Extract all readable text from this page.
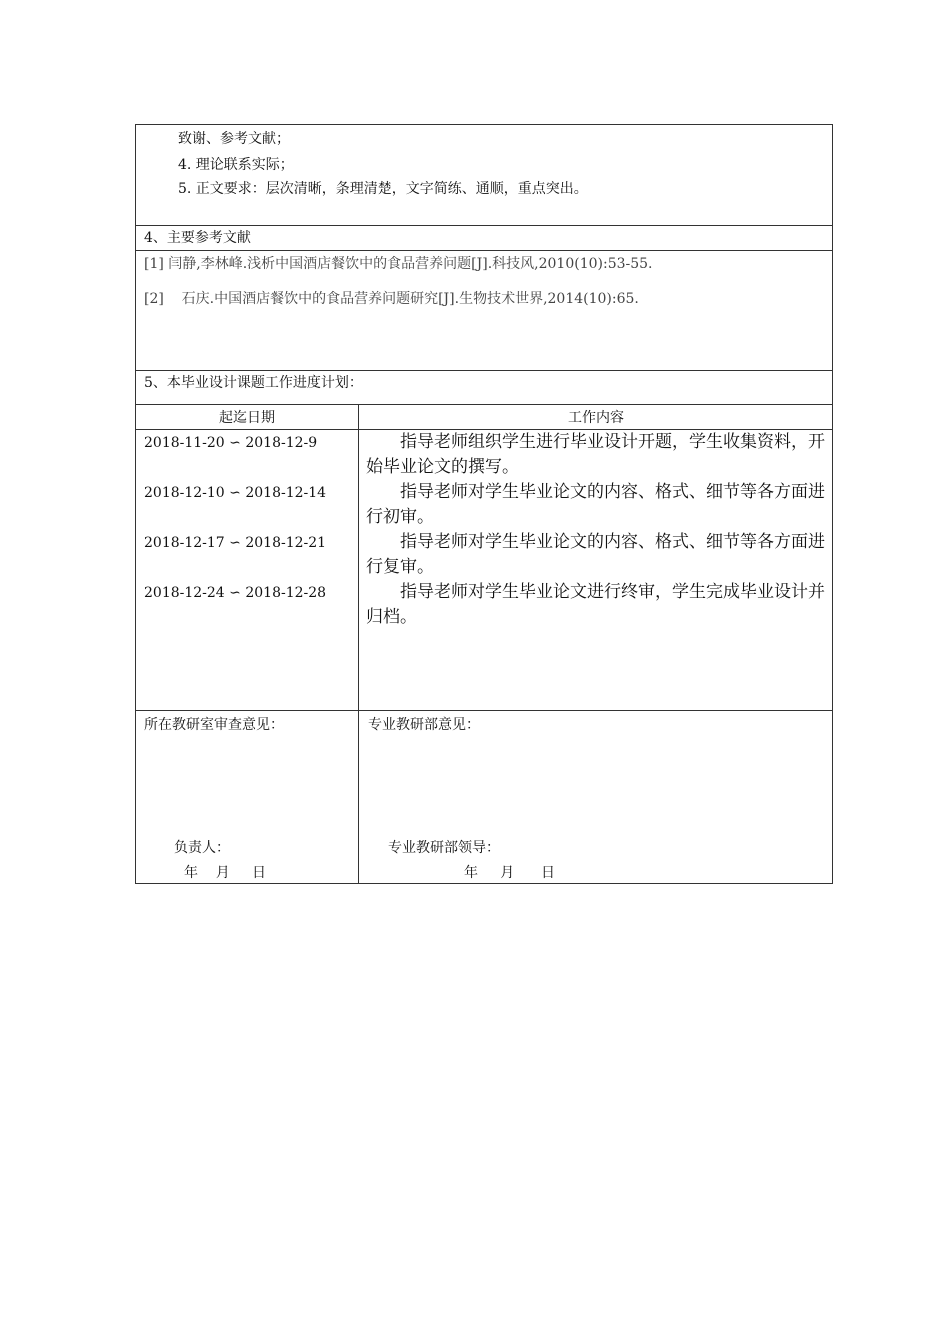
致谢、参考文献；
4. 理论联系实际；
5. 正文要求：层次清晰，条理清楚，文字简练、通顺，重点突出。
4、主要参考文献
[1] 闫静,李林峰.浅析中国酒店餐饮中的食品营养问题[J].科技风,2010(10):53-55.
[2]    石庆.中国酒店餐饮中的食品营养问题研究[J].生物技术世界,2014(10):65.
5、本毕业设计课题工作进度计划：
起迄日期	工作内容
2018-11-20 ∽ 2018-12-9	指导老师组织学生进行毕业设计开题，学生收集资料，开始毕业论文的撰写。
2018-12-10 ∽ 2018-12-14	指导老师对学生毕业论文的内容、格式、细节等各方面进行初审。
2018-12-17 ∽ 2018-12-21	指导老师对学生毕业论文的内容、格式、细节等各方面进行复审。
2018-12-24 ∽ 2018-12-28	指导老师对学生毕业论文进行终审，学生完成毕业设计并归档。
所在教研室审查意见：
负责人：
年    月     日
专业教研部意见：
专业教研部领导：
年     月      日
